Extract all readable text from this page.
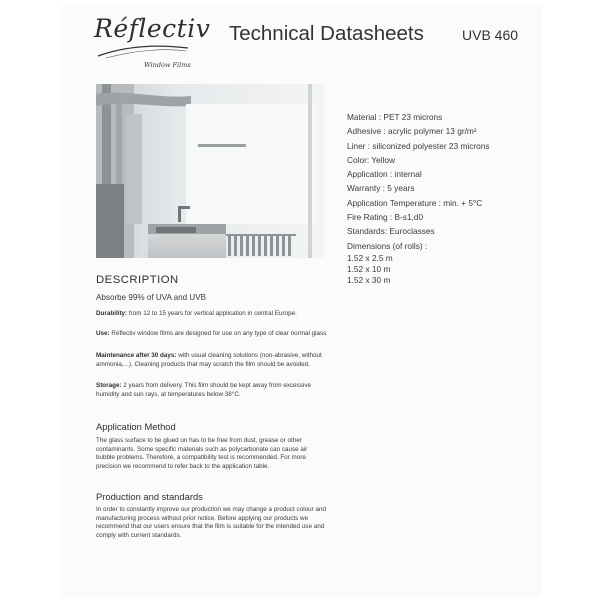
Réflectiv
Window Films
Technical Datasheets	UVB 460
Material : PET 23 microns
Adhesive : acrylic polymer 13 gr/m²
Liner : siliconized polyester 23 microns
Color: Yellow
Application : internal
Warranty : 5 years
Application Temperature : min. + 5°C
Fire Rating : B-s1,d0
Standards: Euroclasses
Dimensions (of rolls) :
1.52 x 2.5 m
1.52 x 10 m
1.52 x 30 m
DESCRIPTION
Absorbe 99% of UVA and UVB
Durability: from 12 to 15 years for vertical application in central Europe.
Use: Réflectiv window films are designed for use on any type of clear normal glass
Maintenance after 30 days: with usual cleaning solutions (non-abrasive, without ammonia,...). Cleaning products that may scratch the film should be avoided.
Storage: 2 years from delivery. This film should be kept away from excessive humidity and sun rays, at temperatures below 38°C.
Application Method
The glass surface to be glued on has to be free from dust, grease or other contaminants. Some specific materials such as polycarbonate can cause air bubble problems. Therefore, a compatibility test is recommended. For more precision we recommend to refer back to the application table.
Production and standards
In order to constantly improve our production we may change a product colour and manufacturing process without prior notice. Before applying our products we recommend that our users ensure that the film is suitable for the intended use and comply with current standards.
